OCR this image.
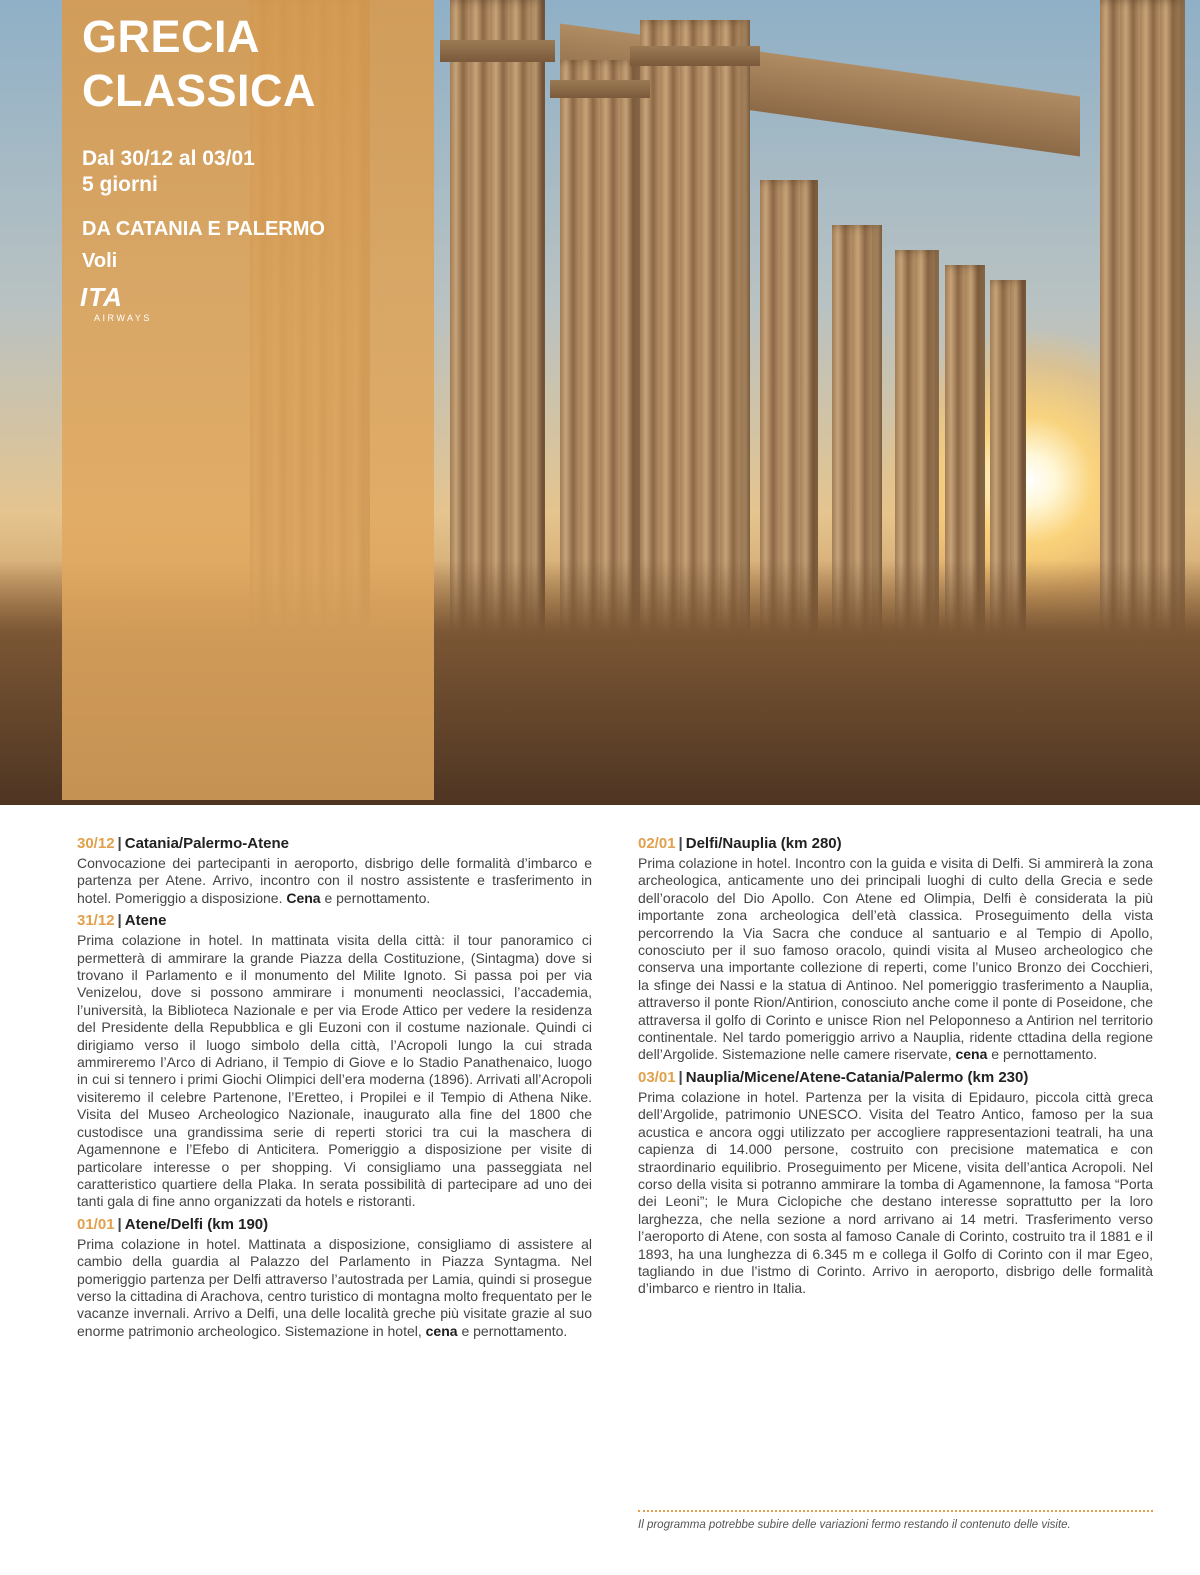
GRECIA
CLASSICA
Dal 30/12 al 03/01
5 giorni
DA CATANIA E PALERMO
Voli
ITA
AIRWAYS
30/12 | Catania/Palermo-Atene
Convocazione dei partecipanti in aeroporto, disbrigo delle formalità d’imbarco e partenza per Atene. Arrivo, incontro con il nostro assistente e trasferimento in hotel. Pomeriggio a disposizione. Cena e pernottamento.
31/12 | Atene
Prima colazione in hotel. In mattinata visita della città: il tour panoramico ci permetterà di ammirare la grande Piazza della Costituzione, (Sintagma) dove si trovano il Parlamento e il monumento del Milite Ignoto. Si passa poi per via Venizelou, dove si possono ammirare i monumenti neoclassici, l’accademia, l’università, la Biblioteca Nazionale e per via Erode Attico per vedere la residenza del Presidente della Repubblica e gli Euzoni con il costume nazionale. Quindi ci dirigiamo verso il luogo simbolo della città, l’Acropoli lungo la cui strada ammireremo l’Arco di Adriano, il Tempio di Giove e lo Stadio Panathenaico, luogo in cui si tennero i primi Giochi Olimpici dell’era moderna (1896). Arrivati all’Acropoli visiteremo il celebre Partenone, l’Eretteo, i Propilei e il Tempio di Athena Nike. Visita del Museo Archeologico Nazionale, inaugurato alla fine del 1800 che custodisce una grandissima serie di reperti storici tra cui la maschera di Agamennone e l’Efebo di Anticitera. Pomeriggio a disposizione per visite di particolare interesse o per shopping. Vi consigliamo una passeggiata nel caratteristico quartiere della Plaka. In serata possibilità di partecipare ad uno dei tanti gala di fine anno organizzati da hotels e ristoranti.
01/01 | Atene/Delfi (km 190)
Prima colazione in hotel. Mattinata a disposizione, consigliamo di assistere al cambio della guardia al Palazzo del Parlamento in Piazza Syntagma. Nel pomeriggio partenza per Delfi attraverso l’autostrada per Lamia, quindi si prosegue verso la cittadina di Arachova, centro turistico di montagna molto frequentato per le vacanze invernali. Arrivo a Delfi, una delle località greche più visitate grazie al suo enorme patrimonio archeologico. Sistemazione in hotel, cena e pernottamento.
02/01 | Delfi/Nauplia (km 280)
Prima colazione in hotel. Incontro con la guida e visita di Delfi. Si ammirerà la zona archeologica, anticamente uno dei principali luoghi di culto della Grecia e sede dell’oracolo del Dio Apollo. Con Atene ed Olimpia, Delfi è considerata la più importante zona archeologica dell’età classica. Proseguimento della vista percorrendo la Via Sacra che conduce al santuario e al Tempio di Apollo, conosciuto per il suo famoso oracolo, quindi visita al Museo archeologico che conserva una importante collezione di reperti, come l’unico Bronzo dei Cocchieri, la sfinge dei Nassi e la statua di Antinoo. Nel pomeriggio trasferimento a Nauplia, attraverso il ponte Rion/Antirion, conosciuto anche come il ponte di Poseidone, che attraversa il golfo di Corinto e unisce Rion nel Peloponneso a Antirion nel territorio continentale. Nel tardo pomeriggio arrivo a Nauplia, ridente cttadina della regione dell’Argolide. Sistemazione nelle camere riservate, cena e pernottamento.
03/01 | Nauplia/Micene/Atene-Catania/Palermo (km 230)
Prima colazione in hotel. Partenza per la visita di Epidauro, piccola città greca dell’Argolide, patrimonio UNESCO. Visita del Teatro Antico, famoso per la sua acustica e ancora oggi utilizzato per accogliere rappresentazioni teatrali, ha una capienza di 14.000 persone, costruito con precisione matematica e con straordinario equilibrio. Proseguimento per Micene, visita dell’antica Acropoli. Nel corso della visita si potranno ammirare la tomba di Agamennone, la famosa “Porta dei Leoni”; le Mura Ciclopiche che destano interesse soprattutto per la loro larghezza, che nella sezione a nord arrivano ai 14 metri. Trasferimento verso l’aeroporto di Atene, con sosta al famoso Canale di Corinto, costruito tra il 1881 e il 1893, ha una lunghezza di 6.345 m e collega il Golfo di Corinto con il mar Egeo, tagliando in due l’istmo di Corinto. Arrivo in aeroporto, disbrigo delle formalità d’imbarco e rientro in Italia.
Il programma potrebbe subire delle variazioni fermo restando il contenuto delle visite.
